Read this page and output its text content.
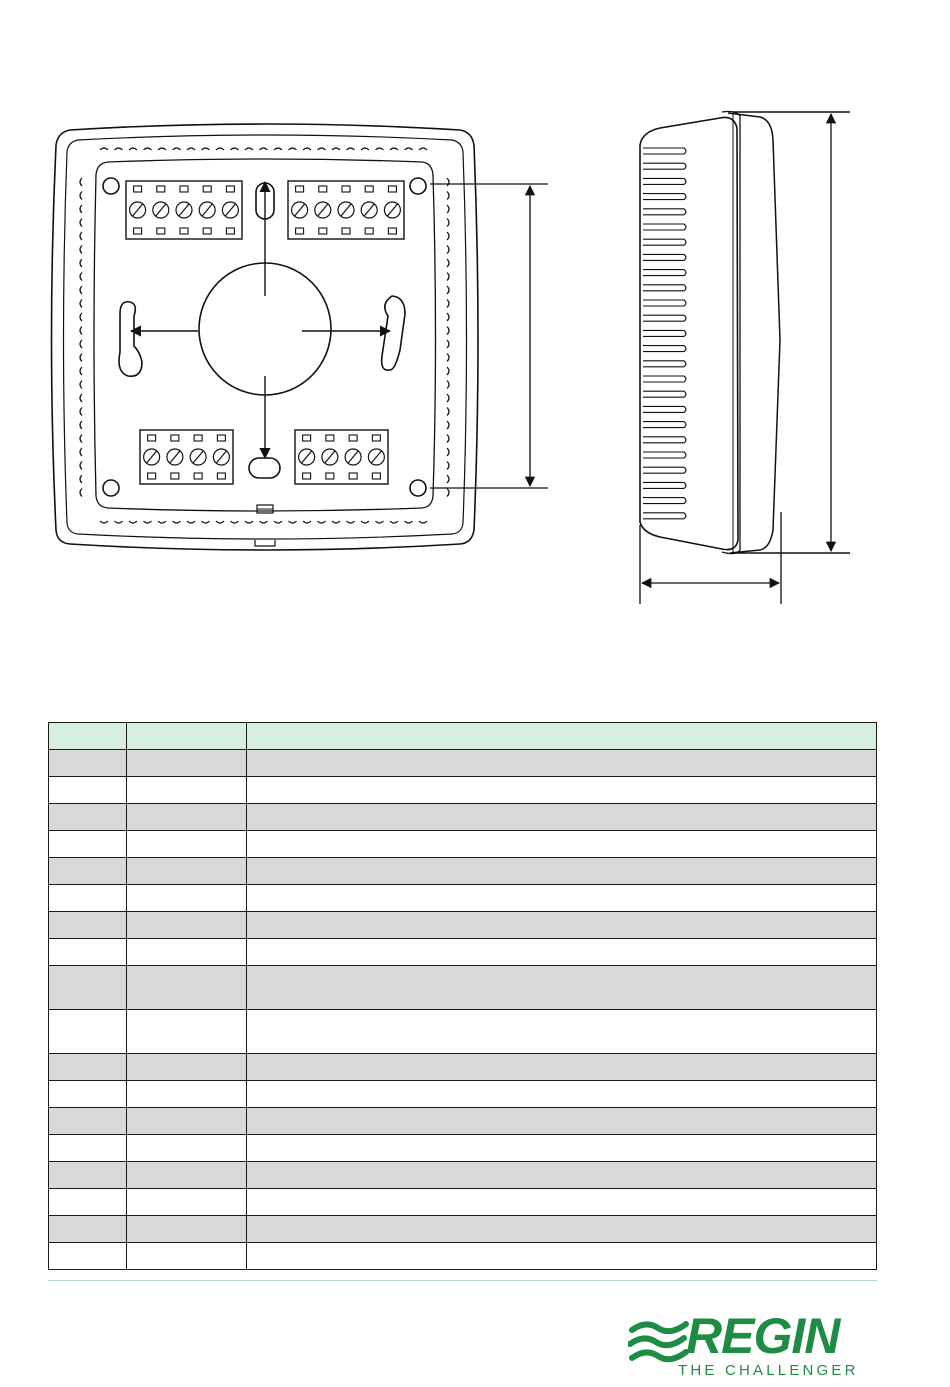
REGIN
THE CHALLENGER
